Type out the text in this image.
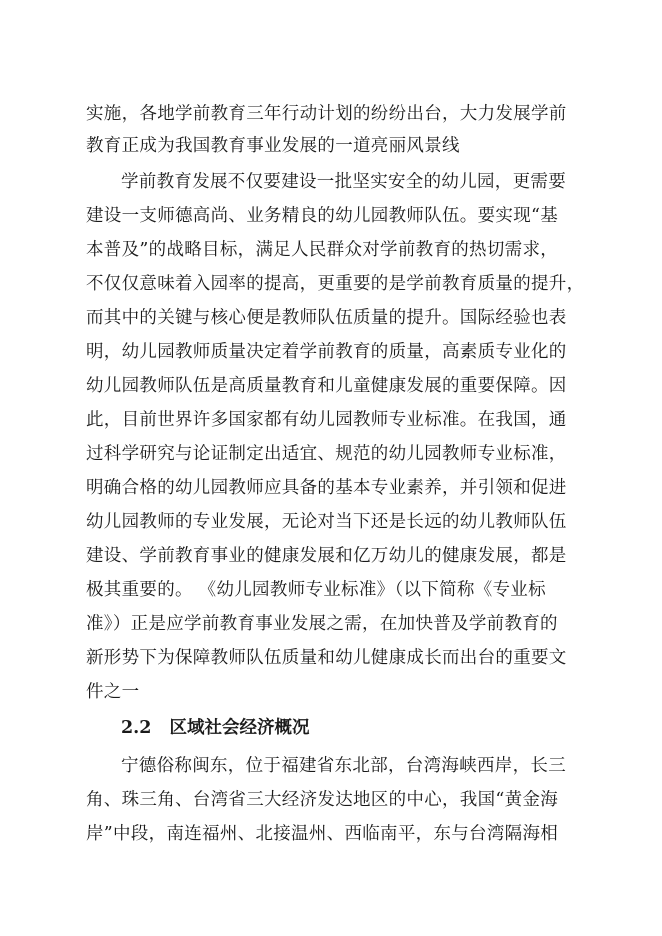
实施，各地学前教育三年行动计划的纷纷出台，大力发展学前
教育正成为我国教育事业发展的一道亮丽风景线
学前教育发展不仅要建设一批坚实安全的幼儿园，更需要
建设一支师德高尚、业务精良的幼儿园教师队伍。要实现“基
本普及”的战略目标，满足人民群众对学前教育的热切需求，
不仅仅意味着入园率的提高，更重要的是学前教育质量的提升，
而其中的关键与核心便是教师队伍质量的提升。国际经验也表
明，幼儿园教师质量决定着学前教育的质量，高素质专业化的
幼儿园教师队伍是高质量教育和儿童健康发展的重要保障。因
此，目前世界许多国家都有幼儿园教师专业标准。在我国，通
过科学研究与论证制定出适宜、规范的幼儿园教师专业标准，
明确合格的幼儿园教师应具备的基本专业素养，并引领和促进
幼儿园教师的专业发展，无论对当下还是长远的幼儿教师队伍
建设、学前教育事业的健康发展和亿万幼儿的健康发展，都是
极其重要的。 《幼儿园教师专业标准》（以下简称《专业标
准》）正是应学前教育事业发展之需，在加快普及学前教育的
新形势下为保障教师队伍质量和幼儿健康成长而出台的重要文
件之一
2.2 区域社会经济概况
宁德俗称闽东，位于福建省东北部，台湾海峡西岸，长三
角、珠三角、台湾省三大经济发达地区的中心，我国“黄金海
岸”中段，南连福州、北接温州、西临南平，东与台湾隔海相
